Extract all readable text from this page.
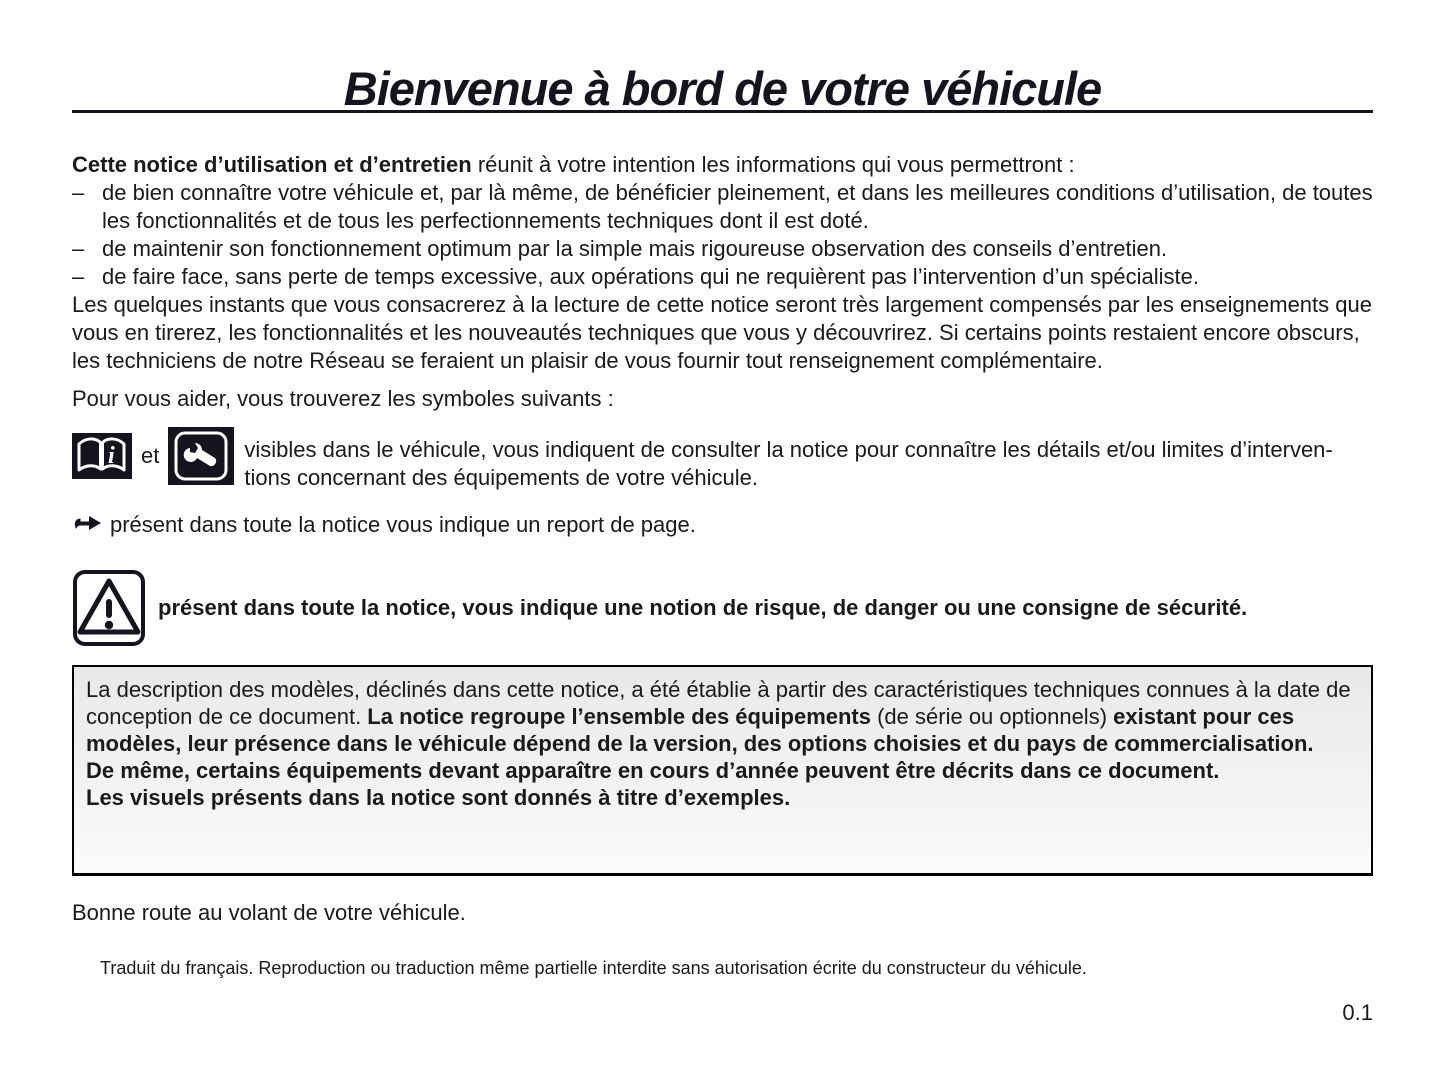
Bienvenue à bord de votre véhicule
Cette notice d’utilisation et d’entretien réunit à votre intention les informations qui vous permettront :
– de bien connaître votre véhicule et, par là même, de bénéficier pleinement, et dans les meilleures conditions d’utilisation, de toutes les fonctionnalités et de tous les perfectionnements techniques dont il est doté.
– de maintenir son fonctionnement optimum par la simple mais rigoureuse observation des conseils d’entretien.
– de faire face, sans perte de temps excessive, aux opérations qui ne requièrent pas l’intervention d’un spécialiste.
Les quelques instants que vous consacrerez à la lecture de cette notice seront très largement compensés par les enseignements que vous en tirerez, les fonctionnalités et les nouveautés techniques que vous y découvrirez. Si certains points restaient encore obscurs, les techniciens de notre Réseau se feraient un plaisir de vous fournir tout renseignement complémentaire.
Pour vous aider, vous trouverez les symboles suivants :
i et	visibles dans le véhicule, vous indiquent de consulter la notice pour connaître les détails et/ou limites d’interven-
tions concernant des équipements de votre véhicule.
présent dans toute la notice vous indique un report de page.
présent dans toute la notice, vous indique une notion de risque, de danger ou une consigne de sécurité.
La description des modèles, déclinés dans cette notice, a été établie à partir des caractéristiques techniques connues à la date de conception de ce document. La notice regroupe l’ensemble des équipements (de série ou optionnels) existant pour ces modèles, leur présence dans le véhicule dépend de la version, des options choisies et du pays de commercialisation.
De même, certains équipements devant apparaître en cours d’année peuvent être décrits dans ce document.
Les visuels présents dans la notice sont donnés à titre d’exemples.
Bonne route au volant de votre véhicule.
Traduit du français. Reproduction ou traduction même partielle interdite sans autorisation écrite du constructeur du véhicule.
0.1
